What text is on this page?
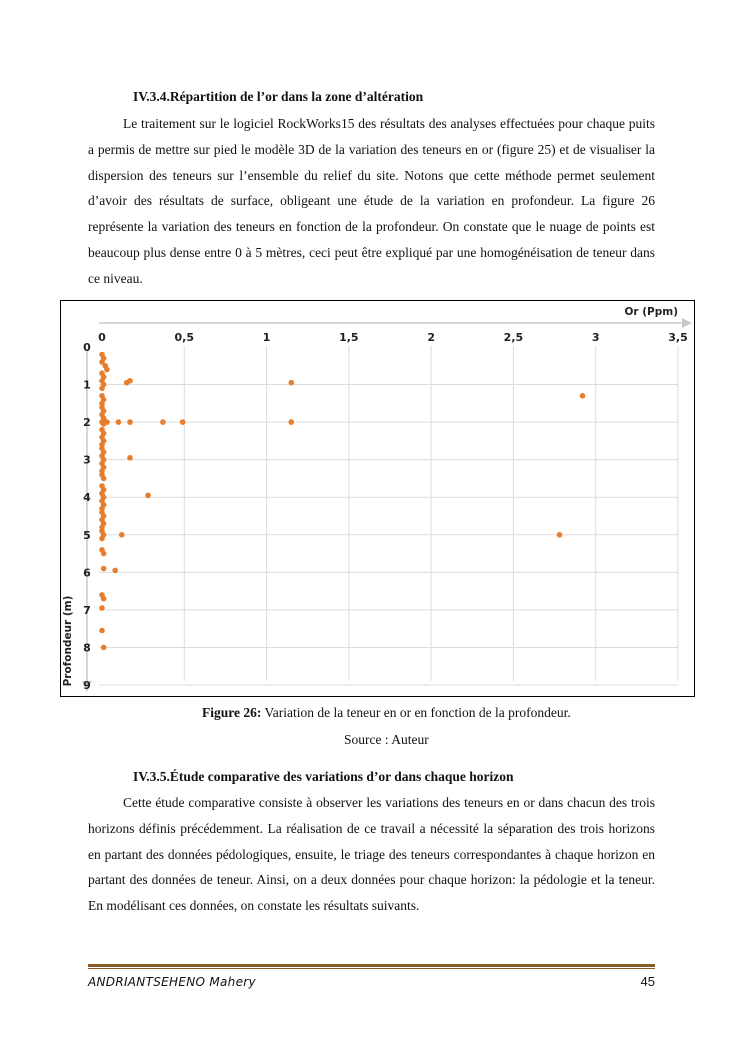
IV.3.4.Répartition de l’or dans la zone d’altération

Le traitement sur le logiciel RockWorks15 des résultats des analyses effectuées pour chaque puits a permis de mettre sur pied le modèle 3D de la variation des teneurs en or (figure 25) et de visualiser la dispersion des teneurs sur l’ensemble du relief du site. Notons que cette méthode permet seulement d’avoir des résultats de surface, obligeant une étude de la variation en profondeur. La figure 26 représente la variation des teneurs en fonction de la profondeur. On constate que le nuage de points est beaucoup plus dense entre 0 à 5 mètres, ceci peut être expliqué par une homogénéisation de teneur dans ce niveau.

0	0,5	1	1,5	2	2,5	3	3,5
0
1
2
3
4
5
6
7
8
9
Or (Ppm)
Profondeur (m)
Figure 26: Variation de la teneur en or en fonction de la profondeur.
Source : Auteur
IV.3.5.Étude comparative des variations d’or dans chaque horizon

Cette étude comparative consiste à observer les variations des teneurs en or dans chacun des trois horizons définis précédemment. La réalisation de ce travail a nécessité la séparation des trois horizons en partant des données pédologiques, ensuite, le triage des teneurs correspondantes à chaque horizon en partant des données de teneur. Ainsi, on a deux données pour chaque horizon: la pédologie et la teneur. En modélisant ces données, on constate les résultats suivants.

ANDRIANTSEHENO Mahery	45
